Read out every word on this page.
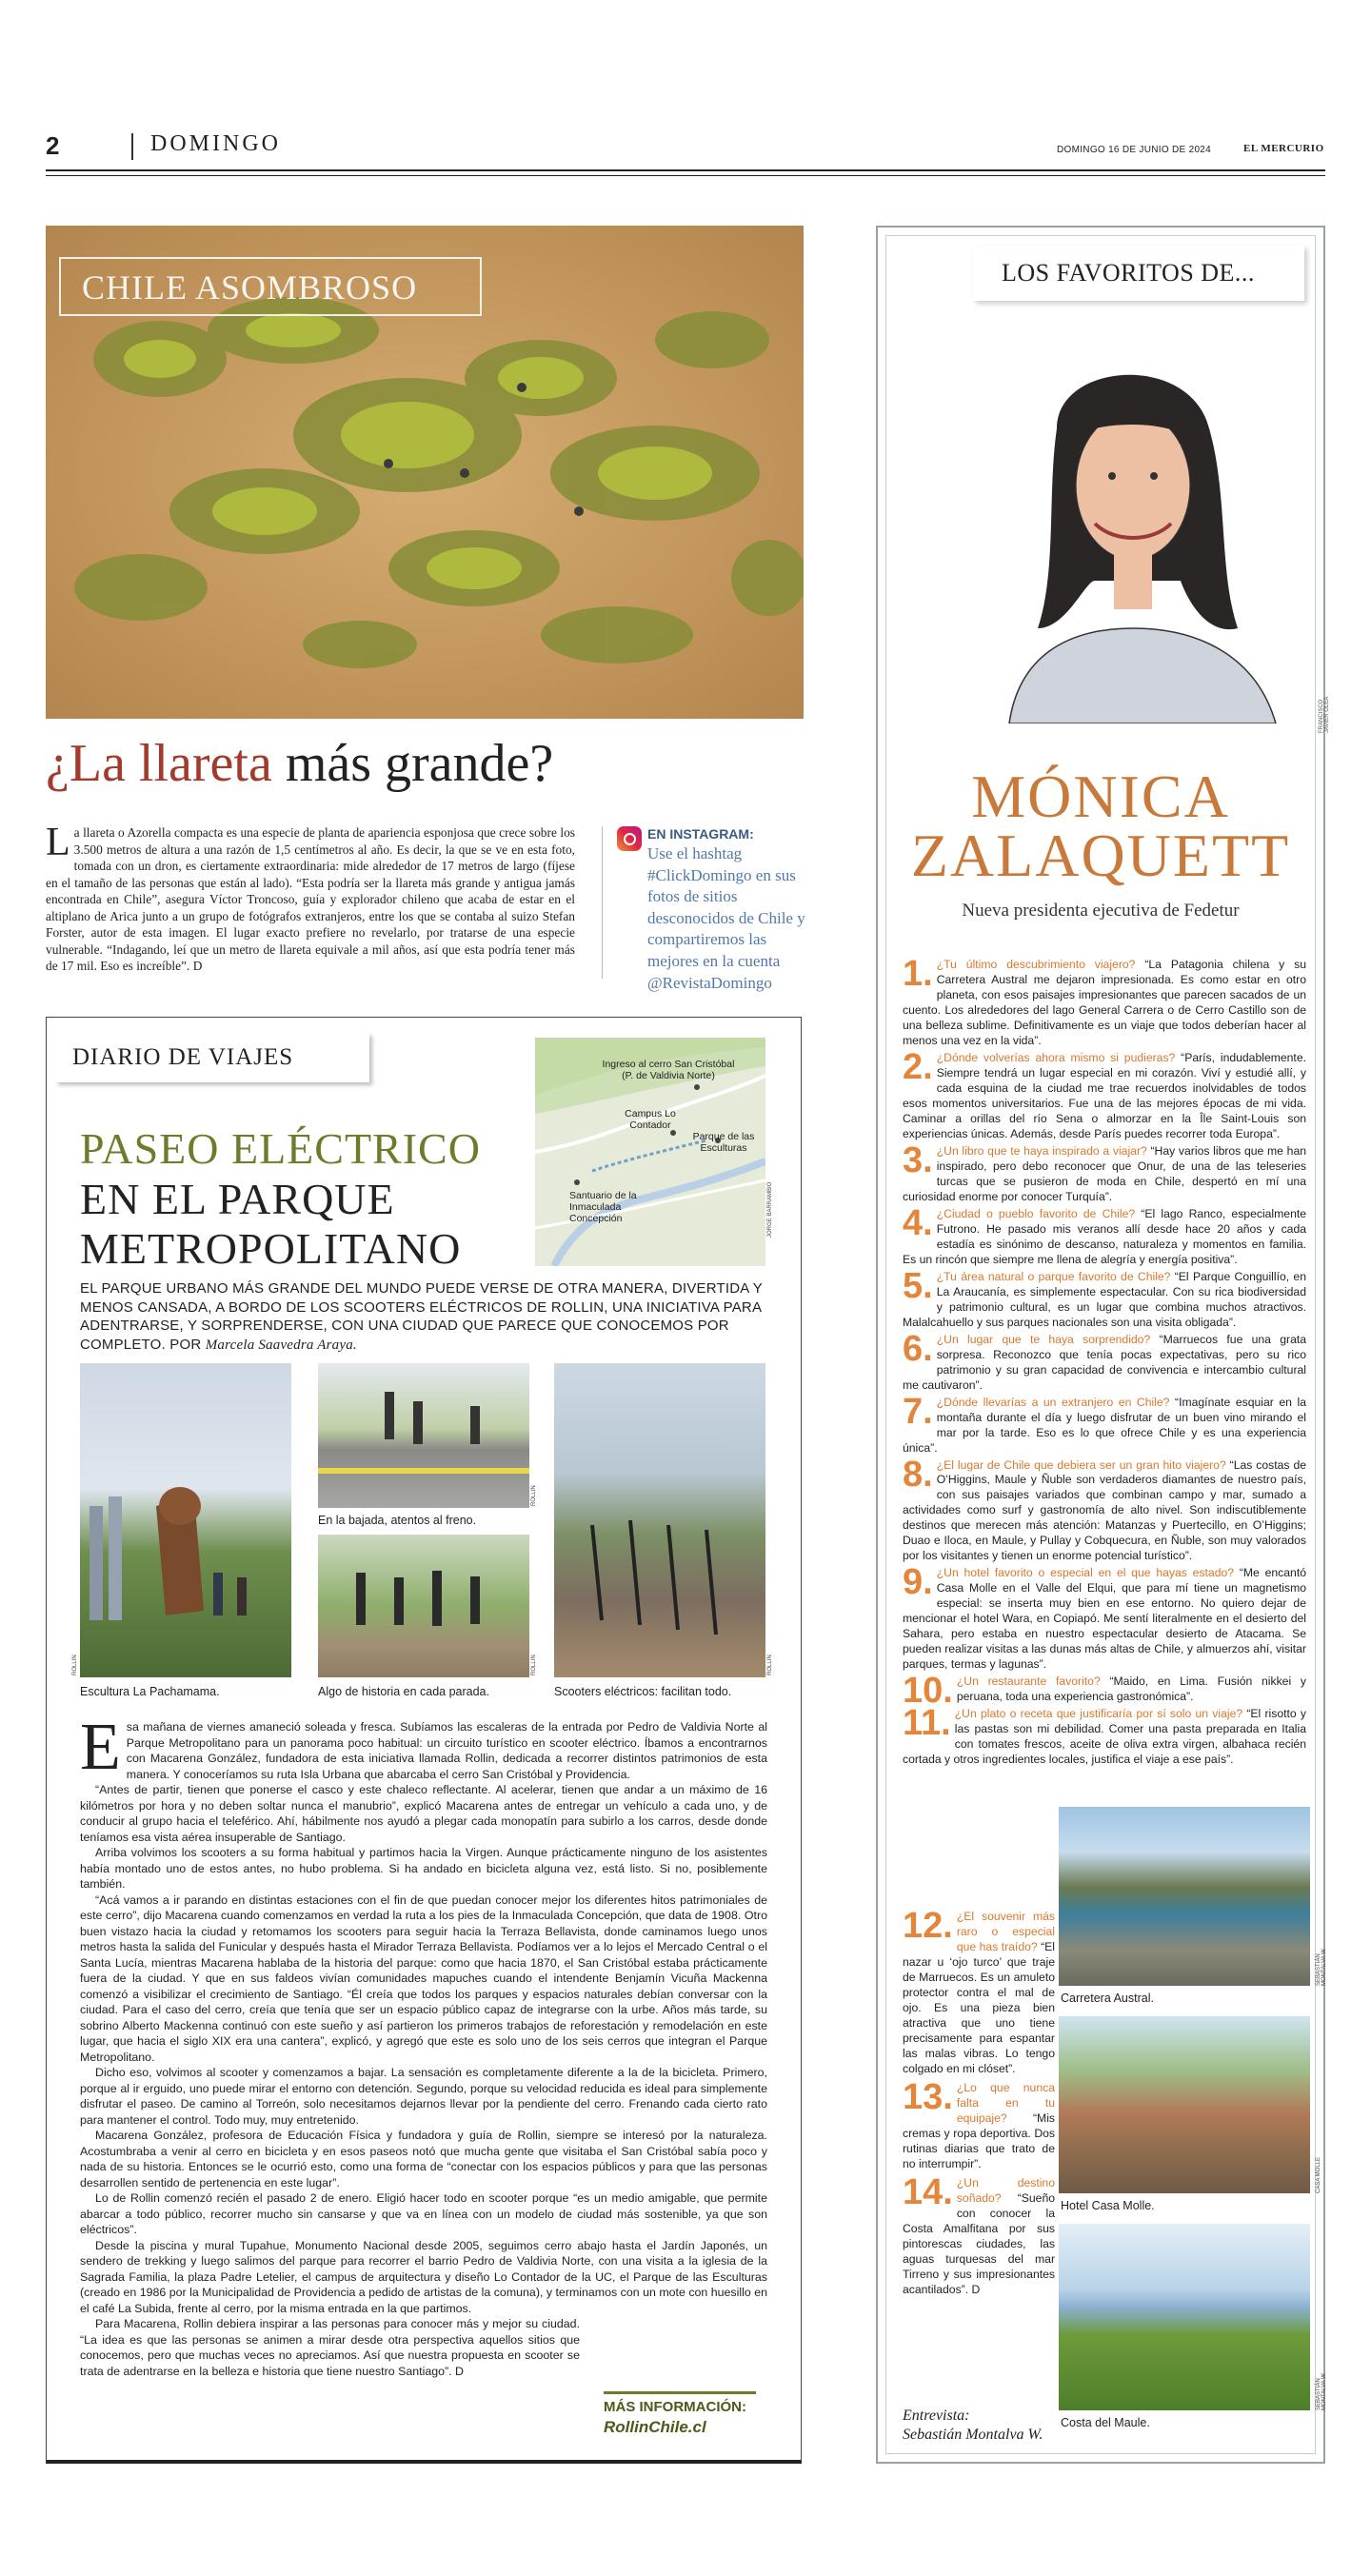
2	DOMINGO	DOMINGO 16 DE JUNIO DE 2024	EL MERCURIO
CHILE ASOMBROSO
¿La llareta más grande?
La llareta o Azorella compacta es una especie de planta de apariencia esponjosa que crece sobre los 3.500 metros de altura a una razón de 1,5 centímetros al año. Es decir, la que se ve en esta foto, tomada con un dron, es ciertamente extraordinaria: mide alrededor de 17 metros de largo (fíjese en el tamaño de las personas que están al lado). “Esta podría ser la llareta más grande y antigua jamás encontrada en Chile”, asegura Víctor Troncoso, guía y explorador chileno que acaba de estar en el altiplano de Arica junto a un grupo de fotógrafos extranjeros, entre los que se contaba al suizo Stefan Forster, autor de esta imagen. El lugar exacto prefiere no revelarlo, por tratarse de una especie vulnerable. “Indagando, leí que un metro de llareta equivale a mil años, así que esta podría tener más de 17 mil. Eso es increíble”. D
EN INSTAGRAM:
Use el hashtag #ClickDomingo en sus fotos de sitios desconocidos de Chile y compartiremos las mejores en la cuenta @RevistaDomingo
DIARIO DE VIAJES	Ingreso al cerro San Cristóbal (P. de Valdivia Norte)
Campus Lo Contador
Parque de las Esculturas
Santuario de la Inmaculada Concepción	JORGE BARRAMBIO
PASEO ELÉCTRICO
EN EL PARQUE METROPOLITANO
EL PARQUE URBANO MÁS GRANDE DEL MUNDO PUEDE VERSE DE OTRA MANERA, DIVERTIDA Y MENOS CANSADA, A BORDO DE LOS SCOOTERS ELÉCTRICOS DE ROLLIN, UNA INICIATIVA PARA ADENTRARSE, Y SORPRENDERSE, CON UNA CIUDAD QUE PARECE QUE CONOCEMOS POR COMPLETO. POR Marcela Saavedra Araya.
En la bajada, atentos al freno.
ROLLIN
ROLLIN
ROLLIN	ROLLIN
Escultura La Pachamama.	Algo de historia en cada parada.	Scooters eléctricos: facilitan todo.

Esa mañana de viernes amaneció soleada y fresca. Subíamos las escaleras de la entrada por Pedro de Valdivia Norte al Parque Metropolitano para un panorama poco habitual: un circuito turístico en scooter eléctrico. Íbamos a encontrarnos con Macarena González, fundadora de esta iniciativa llamada Rollin, dedicada a recorrer distintos patrimonios de esta manera. Y conoceríamos su ruta Isla Urbana que abarcaba el cerro San Cristóbal y Providencia.

“Antes de partir, tienen que ponerse el casco y este chaleco reflectante. Al acelerar, tienen que andar a un máximo de 16 kilómetros por hora y no deben soltar nunca el manubrio”, explicó Macarena antes de entregar un vehículo a cada uno, y de conducir al grupo hacia el teleférico. Ahí, hábilmente nos ayudó a plegar cada monopatín para subirlo a los carros, desde donde teníamos esa vista aérea insuperable de Santiago.

Arriba volvimos los scooters a su forma habitual y partimos hacia la Virgen. Aunque prácticamente ninguno de los asistentes había montado uno de estos antes, no hubo problema. Si ha andado en bicicleta alguna vez, está listo. Si no, posiblemente también.

“Acá vamos a ir parando en distintas estaciones con el fin de que puedan conocer mejor los diferentes hitos patrimoniales de este cerro”, dijo Macarena cuando comenzamos en verdad la ruta a los pies de la Inmaculada Concepción, que data de 1908. Otro buen vistazo hacia la ciudad y retomamos los scooters para seguir hacia la Terraza Bellavista, donde caminamos luego unos metros hasta la salida del Funicular y después hasta el Mirador Terraza Bellavista. Podíamos ver a lo lejos el Mercado Central o el Santa Lucía, mientras Macarena hablaba de la historia del parque: como que hacia 1870, el San Cristóbal estaba prácticamente fuera de la ciudad. Y que en sus faldeos vivían comunidades mapuches cuando el intendente Benjamín Vicuña Mackenna comenzó a visibilizar el crecimiento de Santiago. “Él creía que todos los parques y espacios naturales debían conversar con la ciudad. Para el caso del cerro, creía que tenía que ser un espacio público capaz de integrarse con la urbe. Años más tarde, su sobrino Alberto Mackenna continuó con este sueño y así partieron los primeros trabajos de reforestación y remodelación en este lugar, que hacia el siglo XIX era una cantera”, explicó, y agregó que este es solo uno de los seis cerros que integran el Parque Metropolitano.

Dicho eso, volvimos al scooter y comenzamos a bajar. La sensación es completamente diferente a la de la bicicleta. Primero, porque al ir erguido, uno puede mirar el entorno con detención. Segundo, porque su velocidad reducida es ideal para simplemente disfrutar el paseo. De camino al Torreón, solo necesitamos dejarnos llevar por la pendiente del cerro. Frenando cada cierto rato para mantener el control. Todo muy, muy entretenido.

Macarena González, profesora de Educación Física y fundadora y guía de Rollin, siempre se interesó por la naturaleza. Acostumbraba a venir al cerro en bicicleta y en esos paseos notó que mucha gente que visitaba el San Cristóbal sabía poco y nada de su historia. Entonces se le ocurrió esto, como una forma de “conectar con los espacios públicos y para que las personas desarrollen sentido de pertenencia en este lugar”.

Lo de Rollin comenzó recién el pasado 2 de enero. Eligió hacer todo en scooter porque “es un medio amigable, que permite abarcar a todo público, recorrer mucho sin cansarse y que va en línea con un modelo de ciudad más sostenible, ya que son eléctricos”.

Desde la piscina y mural Tupahue, Monumento Nacional desde 2005, seguimos cerro abajo hasta el Jardín Japonés, un sendero de trekking y luego salimos del parque para recorrer el barrio Pedro de Valdivia Norte, con una visita a la iglesia de la Sagrada Familia, la plaza Padre Letelier, el campus de arquitectura y diseño Lo Contador de la UC, el Parque de las Esculturas (creado en 1986 por la Municipalidad de Providencia a pedido de artistas de la comuna), y terminamos con un mote con huesillo en el café La Subida, frente al cerro, por la misma entrada en la que partimos.

Para Macarena, Rollin debiera inspirar a las personas para conocer más y mejor su ciudad. “La idea es que las personas se animen a mirar desde otra perspectiva aquellos sitios que conocemos, pero que muchas veces no apreciamos. Así que nuestra propuesta en scooter se trata de adentrarse en la belleza e historia que tiene nuestro Santiago”. D

MÁS INFORMACIÓN:
RollinChile.cl
LOS FAVORITOS DE...
FRANCISCO JAVIER OLEA
MÓNICA
ZALAQUETT
Nueva presidenta ejecutiva de Fedetur
1. ¿Tu último descubrimiento viajero? “La Patagonia chilena y su Carretera Austral me dejaron impresionada. Es como estar en otro planeta, con esos paisajes impresionantes que parecen sacados de un cuento. Los alrededores del lago General Carrera o de Cerro Castillo son de una belleza sublime. Definitivamente es un viaje que todos deberían hacer al menos una vez en la vida”.
2. ¿Dónde volverías ahora mismo si pudieras? “París, indudablemente. Siempre tendrá un lugar especial en mi corazón. Viví y estudié allí, y cada esquina de la ciudad me trae recuerdos inolvidables de todos esos momentos universitarios. Fue una de las mejores épocas de mi vida. Caminar a orillas del río Sena o almorzar en la Île Saint-Louis son experiencias únicas. Además, desde París puedes recorrer toda Europa”.
3. ¿Un libro que te haya inspirado a viajar? “Hay varios libros que me han inspirado, pero debo reconocer que Onur, de una de las teleseries turcas que se pusieron de moda en Chile, despertó en mí una curiosidad enorme por conocer Turquía”.
4. ¿Ciudad o pueblo favorito de Chile? “El lago Ranco, especialmente Futrono. He pasado mis veranos allí desde hace 20 años y cada estadía es sinónimo de descanso, naturaleza y momentos en familia. Es un rincón que siempre me llena de alegría y energía positiva”.
5. ¿Tu área natural o parque favorito de Chile? “El Parque Conguillío, en La Araucanía, es simplemente espectacular. Con su rica biodiversidad y patrimonio cultural, es un lugar que combina muchos atractivos. Malalcahuello y sus parques nacionales son una visita obligada”.
6. ¿Un lugar que te haya sorprendido? “Marruecos fue una grata sorpresa. Reconozco que tenía pocas expectativas, pero su rico patrimonio y su gran capacidad de convivencia e intercambio cultural me cautivaron”.
7. ¿Dónde llevarías a un extranjero en Chile? “Imagínate esquiar en la montaña durante el día y luego disfrutar de un buen vino mirando el mar por la tarde. Eso es lo que ofrece Chile y es una experiencia única”.
8. ¿El lugar de Chile que debiera ser un gran hito viajero? “Las costas de O’Higgins, Maule y Ñuble son verdaderos diamantes de nuestro país, con sus paisajes variados que combinan campo y mar, sumado a actividades como surf y gastronomía de alto nivel. Son indiscutiblemente destinos que merecen más atención: Matanzas y Puertecillo, en O’Higgins; Duao e Iloca, en Maule, y Pullay y Cobquecura, en Ñuble, son muy valorados por los visitantes y tienen un enorme potencial turístico”.
9. ¿Un hotel favorito o especial en el que hayas estado? “Me encantó Casa Molle en el Valle del Elqui, que para mí tiene un magnetismo especial: se inserta muy bien en ese entorno. No quiero dejar de mencionar el hotel Wara, en Copiapó. Me sentí literalmente en el desierto del Sahara, pero estaba en nuestro espectacular desierto de Atacama. Se pueden realizar visitas a las dunas más altas de Chile, y almuerzos ahí, visitar parques, termas y lagunas”.
10. ¿Un restaurante favorito? “Maido, en Lima. Fusión nikkei y peruana, toda una experiencia gastronómica”.
11. ¿Un plato o receta que justificaría por sí solo un viaje? “El risotto y las pastas son mi debilidad. Comer una pasta preparada en Italia con tomates frescos, aceite de oliva extra virgen, albahaca recién cortada y otros ingredientes locales, justifica el viaje a ese país”.
12. ¿El souvenir más raro o especial que has traído? “El nazar u ‘ojo turco’ que traje de Marruecos. Es un amuleto protector contra el mal de ojo. Es una pieza bien atractiva que uno tiene precisamente para espantar las malas vibras. Lo tengo colgado en mi clóset”.
13. ¿Lo que nunca falta en tu equipaje? “Mis cremas y ropa deportiva. Dos rutinas diarias que trato de no interrumpir”.
14. ¿Un destino soñado? “Sueño con conocer la Costa Amalfitana por sus pintorescas ciudades, las aguas turquesas del mar Tirreno y sus impresionantes acantilados”. D
Carretera Austral.
SEBASTIÁN MONTALVA W.
Hotel Casa Molle.
CASA MOLLE
Costa del Maule.
SEBASTIÁN MONTALVA W.
Entrevista:
Sebastián Montalva W.
